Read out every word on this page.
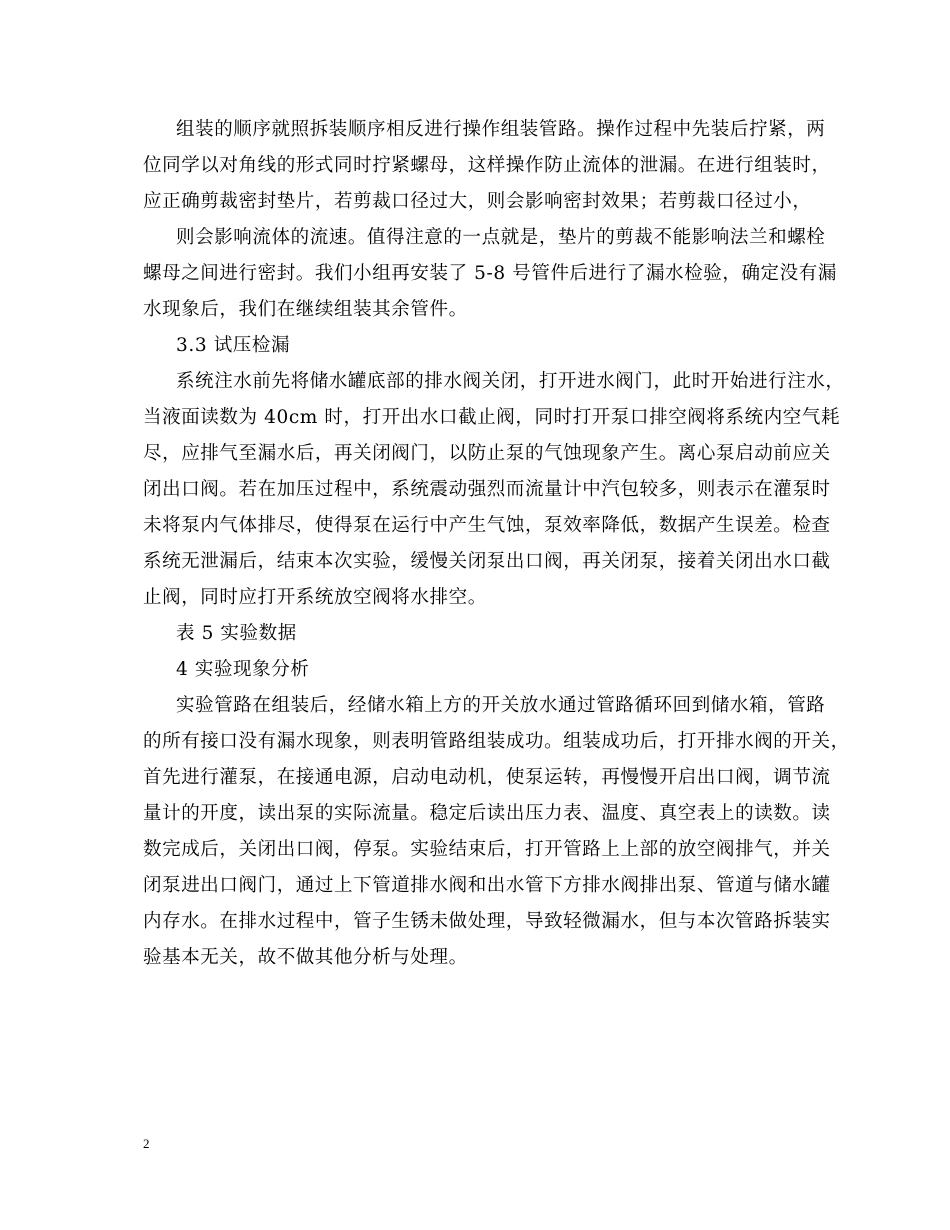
组装的顺序就照拆装顺序相反进行操作组装管路。操作过程中先装后拧紧，两
位同学以对角线的形式同时拧紧螺母，这样操作防止流体的泄漏。在进行组装时，
应正确剪裁密封垫片，若剪裁口径过大，则会影响密封效果；若剪裁口径过小，
则会影响流体的流速。值得注意的一点就是，垫片的剪裁不能影响法兰和螺栓
螺母之间进行密封。我们小组再安装了 5-8 号管件后进行了漏水检验，确定没有漏
水现象后，我们在继续组装其余管件。
3.3 试压检漏
系统注水前先将储水罐底部的排水阀关闭，打开进水阀门，此时开始进行注水，
当液面读数为 40cm 时，打开出水口截止阀，同时打开泵口排空阀将系统内空气耗
尽，应排气至漏水后，再关闭阀门，以防止泵的气蚀现象产生。离心泵启动前应关
闭出口阀。若在加压过程中，系统震动强烈而流量计中汽包较多，则表示在灌泵时
未将泵内气体排尽，使得泵在运行中产生气蚀，泵效率降低，数据产生误差。检查
系统无泄漏后，结束本次实验，缓慢关闭泵出口阀，再关闭泵，接着关闭出水口截
止阀，同时应打开系统放空阀将水排空。
表 5 实验数据
4 实验现象分析
实验管路在组装后，经储水箱上方的开关放水通过管路循环回到储水箱，管路
的所有接口没有漏水现象，则表明管路组装成功。组装成功后，打开排水阀的开关，
首先进行灌泵，在接通电源，启动电动机，使泵运转，再慢慢开启出口阀，调节流
量计的开度，读出泵的实际流量。稳定后读出压力表、温度、真空表上的读数。读
数完成后，关闭出口阀，停泵。实验结束后，打开管路上上部的放空阀排气，并关
闭泵进出口阀门，通过上下管道排水阀和出水管下方排水阀排出泵、管道与储水罐
内存水。在排水过程中，管子生锈未做处理，导致轻微漏水，但与本次管路拆装实
验基本无关，故不做其他分析与处理。
2
